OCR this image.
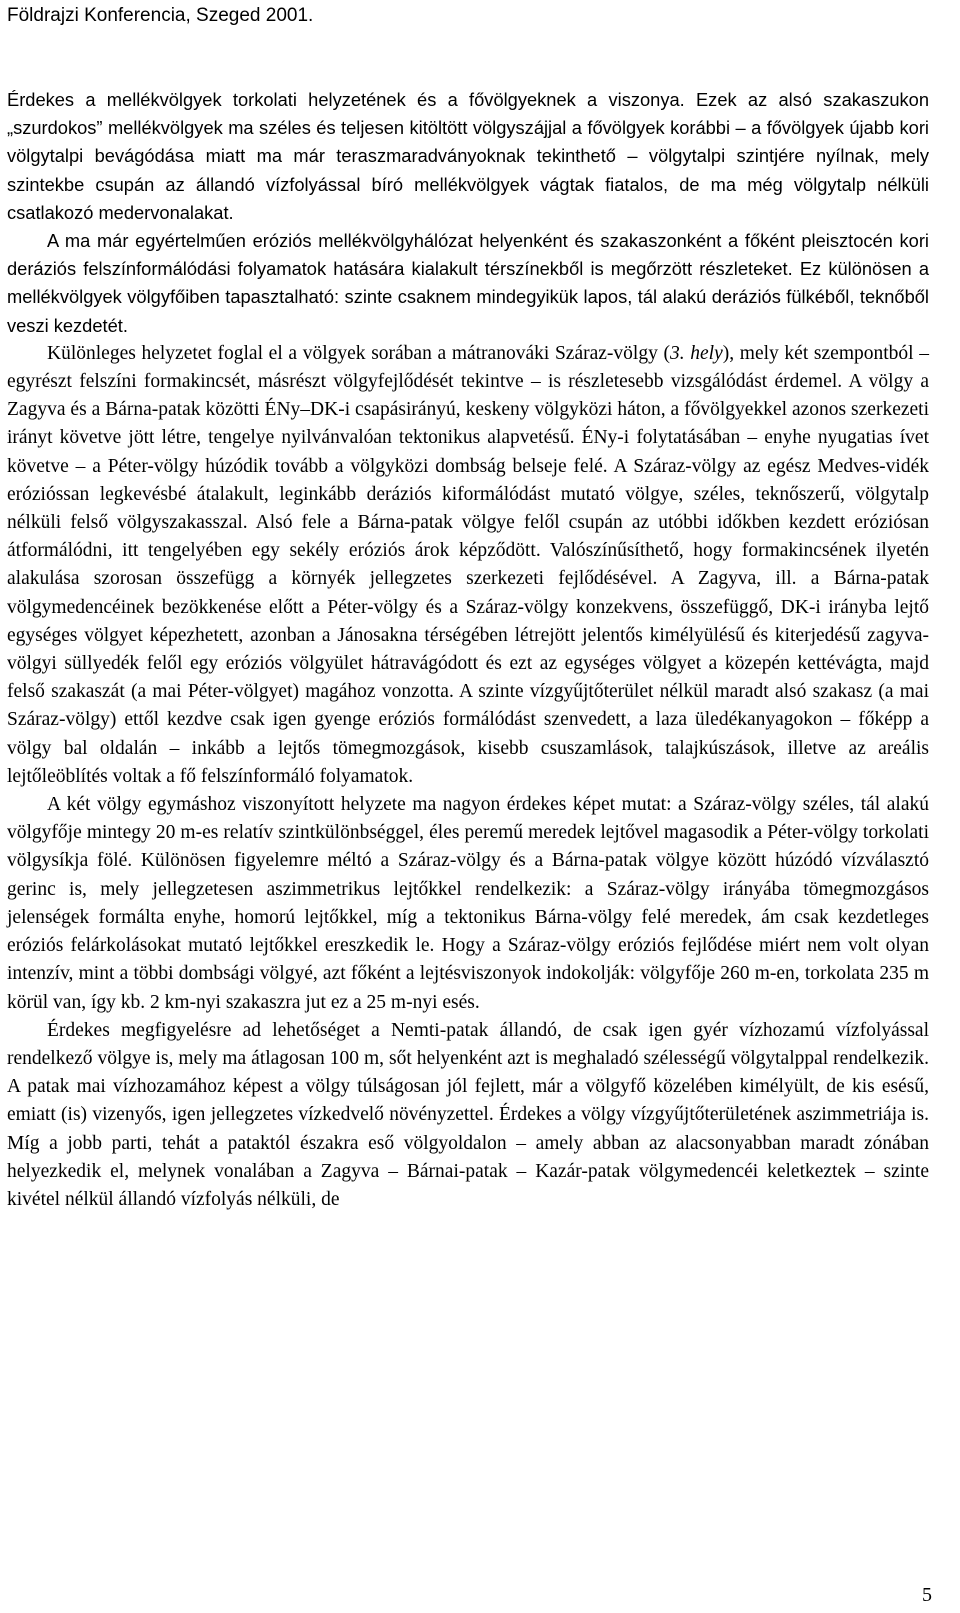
Földrajzi Konferencia, Szeged 2001.

Érdekes a mellékvölgyek torkolati helyzetének és a fővölgyeknek a viszonya. Ezek az alsó szakaszukon „szurdokos” mellékvölgyek ma széles és teljesen kitöltött völgyszájjal a fővölgyek korábbi – a fővölgyek újabb kori völgytalpi bevágódása miatt ma már teraszmaradványoknak tekinthető – völgytalpi szintjére nyílnak, mely szintekbe csupán az állandó vízfolyással bíró mellékvölgyek vágtak fiatalos, de ma még völgytalp nélküli csatlakozó medervonalakat.

A ma már egyértelműen eróziós mellékvölgyhálózat helyenként és szakaszonként a főként pleisztocén kori deráziós felszínformálódási folyamatok hatására kialakult térszínekből is megőrzött részleteket. Ez különösen a mellékvölgyek völgyfőiben tapasztalható: szinte csaknem mindegyikük lapos, tál alakú deráziós fülkéből, teknőből veszi kezdetét.

Különleges helyzetet foglal el a völgyek sorában a mátranováki Száraz-völgy (3. hely), mely két szempontból – egyrészt felszíni formakincsét, másrészt völgyfejlődését tekintve – is részletesebb vizsgálódást érdemel. A völgy a Zagyva és a Bárna-patak közötti ÉNy–DK-i csapásirányú, keskeny völgyközi háton, a fővölgyekkel azonos szerkezeti irányt követve jött létre, tengelye nyilvánvalóan tektonikus alapvetésű. ÉNy-i folytatásában – enyhe nyugatias ívet követve – a Péter-völgy húzódik tovább a völgyközi dombság belseje felé. A Száraz-völgy az egész Medves-vidék erózióssan legkevésbé átalakult, leginkább deráziós kiformálódást mutató völgye, széles, teknőszerű, völgytalp nélküli felső völgyszakasszal. Alsó fele a Bárna-patak völgye felől csupán az utóbbi időkben kezdett eróziósan átformálódni, itt tengelyében egy sekély eróziós árok képződött. Valószínűsíthető, hogy formakincsének ilyetén alakulása szorosan összefügg a környék jellegzetes szerkezeti fejlődésével. A Zagyva, ill. a Bárna-patak völgymedencéinek bezökkenése előtt a Péter-völgy és a Száraz-völgy konzekvens, összefüggő, DK-i irányba lejtő egységes völgyet képezhetett, azonban a Jánosakna térségében létrejött jelentős kimélyülésű és kiterjedésű zagyva-völgyi süllyedék felől egy eróziós völgyület hátravágódott és ezt az egységes völgyet a közepén kettévágta, majd felső szakaszát (a mai Péter-völgyet) magához vonzotta. A szinte vízgyűjtőterület nélkül maradt alsó szakasz (a mai Száraz-völgy) ettől kezdve csak igen gyenge eróziós formálódást szenvedett, a laza üledékanyagokon – főképp a völgy bal oldalán – inkább a lejtős tömegmozgások, kisebb csuszamlások, talajkúszások, illetve az areális lejtőleöblítés voltak a fő felszínformáló folyamatok.

A két völgy egymáshoz viszonyított helyzete ma nagyon érdekes képet mutat: a Száraz-völgy széles, tál alakú völgyfője mintegy 20 m-es relatív szintkülönbséggel, éles peremű meredek lejtővel magasodik a Péter-völgy torkolati völgysíkja fölé. Különösen figyelemre méltó a Száraz-völgy és a Bárna-patak völgye között húzódó vízválasztó gerinc is, mely jellegzetesen aszimmetrikus lejtőkkel rendelkezik: a Száraz-völgy irányába tömegmozgásos jelenségek formálta enyhe, homorú lejtőkkel, míg a tektonikus Bárna-völgy felé meredek, ám csak kezdetleges eróziós felárkolásokat mutató lejtőkkel ereszkedik le. Hogy a Száraz-völgy eróziós fejlődése miért nem volt olyan intenzív, mint a többi dombsági völgyé, azt főként a lejtésviszonyok indokolják: völgyfője 260 m-en, torkolata 235 m körül van, így kb. 2 km-nyi szakaszra jut ez a 25 m-nyi esés.

Érdekes megfigyelésre ad lehetőséget a Nemti-patak állandó, de csak igen gyér vízhozamú vízfolyással rendelkező völgye is, mely ma átlagosan 100 m, sőt helyenként azt is meghaladó szélességű völgytalppal rendelkezik. A patak mai vízhozamához képest a völgy túlságosan jól fejlett, már a völgyfő közelében kimélyült, de kis esésű, emiatt (is) vizenyős, igen jellegzetes vízkedvelő növényzettel. Érdekes a völgy vízgyűjtőterületének aszimmetriája is. Míg a jobb parti, tehát a pataktól északra eső völgyoldalon – amely abban az alacsonyabban maradt zónában helyezkedik el, melynek vonalában a Zagyva – Bárnai-patak – Kazár-patak völgymedencéi keletkeztek – szinte kivétel nélkül állandó vízfolyás nélküli, de

5
